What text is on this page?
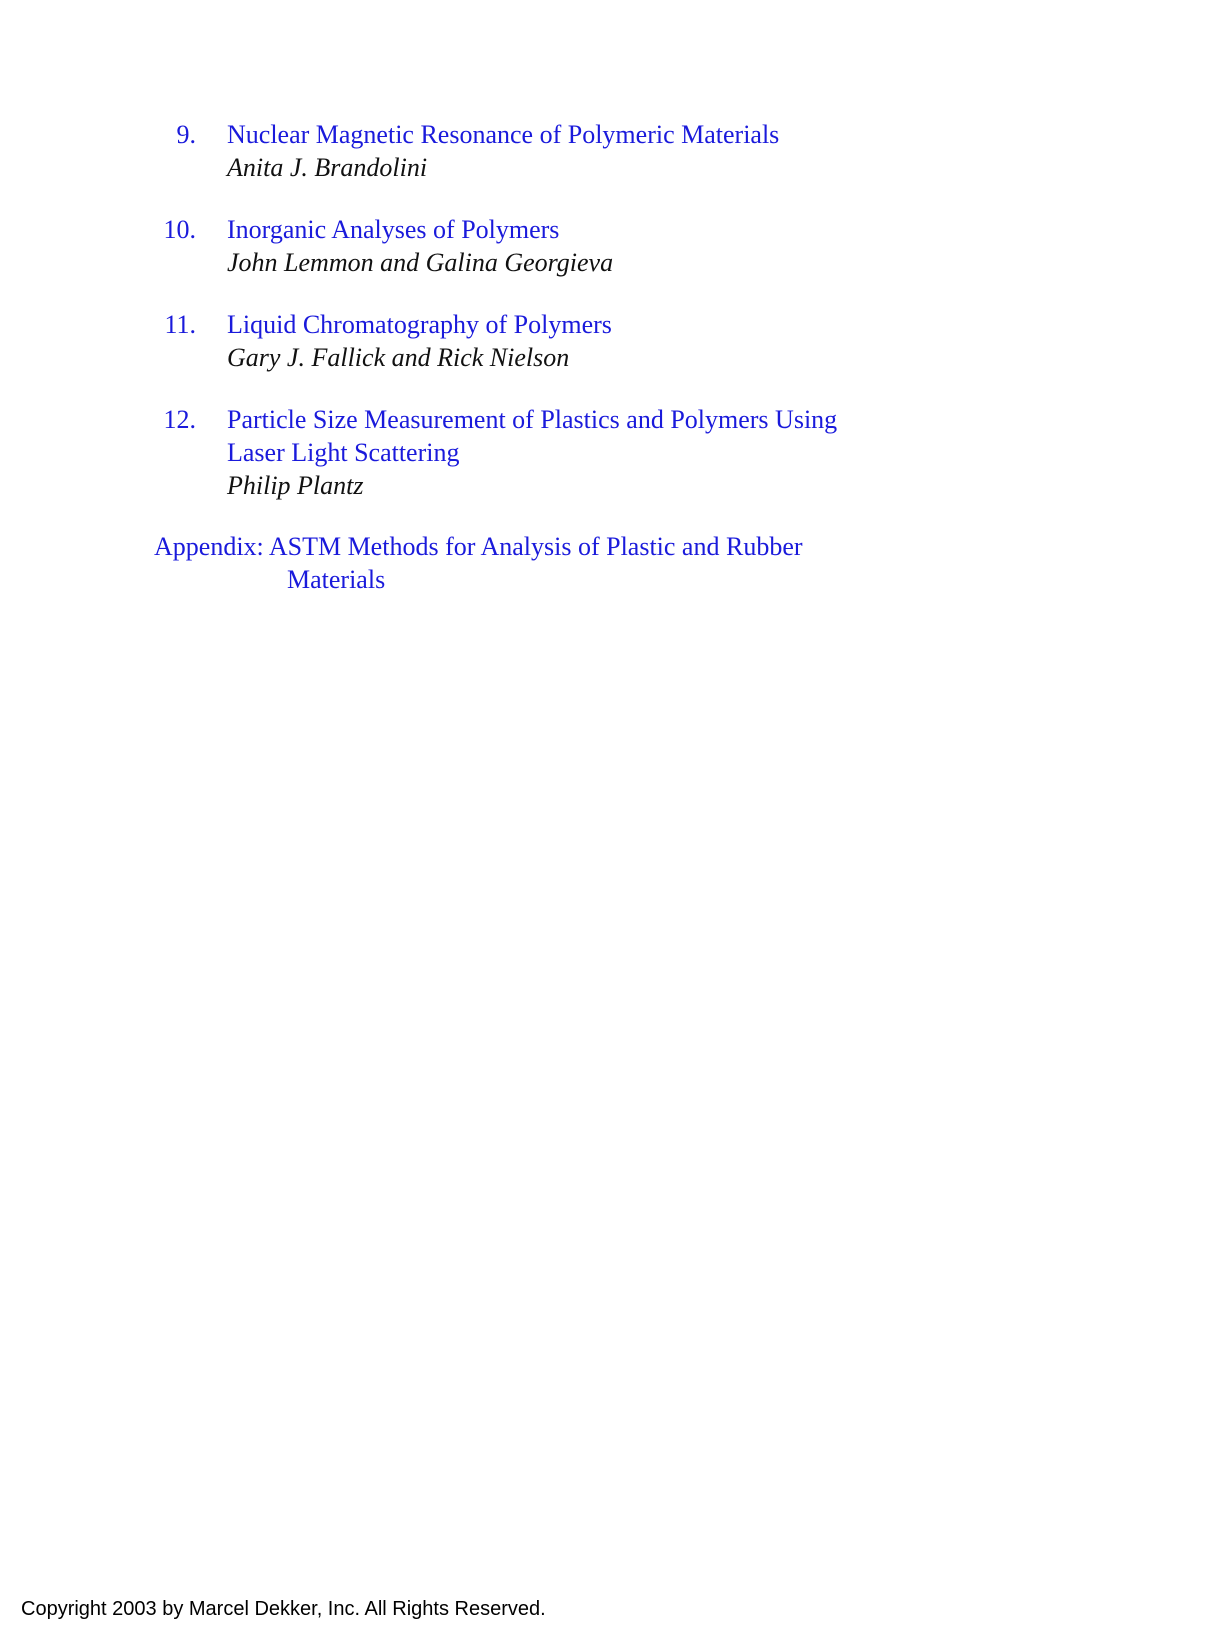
9. Nuclear Magnetic Resonance of Polymeric Materials
Anita J. Brandolini
10. Inorganic Analyses of Polymers
John Lemmon and Galina Georgieva
11. Liquid Chromatography of Polymers
Gary J. Fallick and Rick Nielson
12. Particle Size Measurement of Plastics and Polymers Using
Laser Light Scattering
Philip Plantz
Appendix: ASTM Methods for Analysis of Plastic and Rubber
Materials
Copyright 2003 by Marcel Dekker, Inc. All Rights Reserved.
